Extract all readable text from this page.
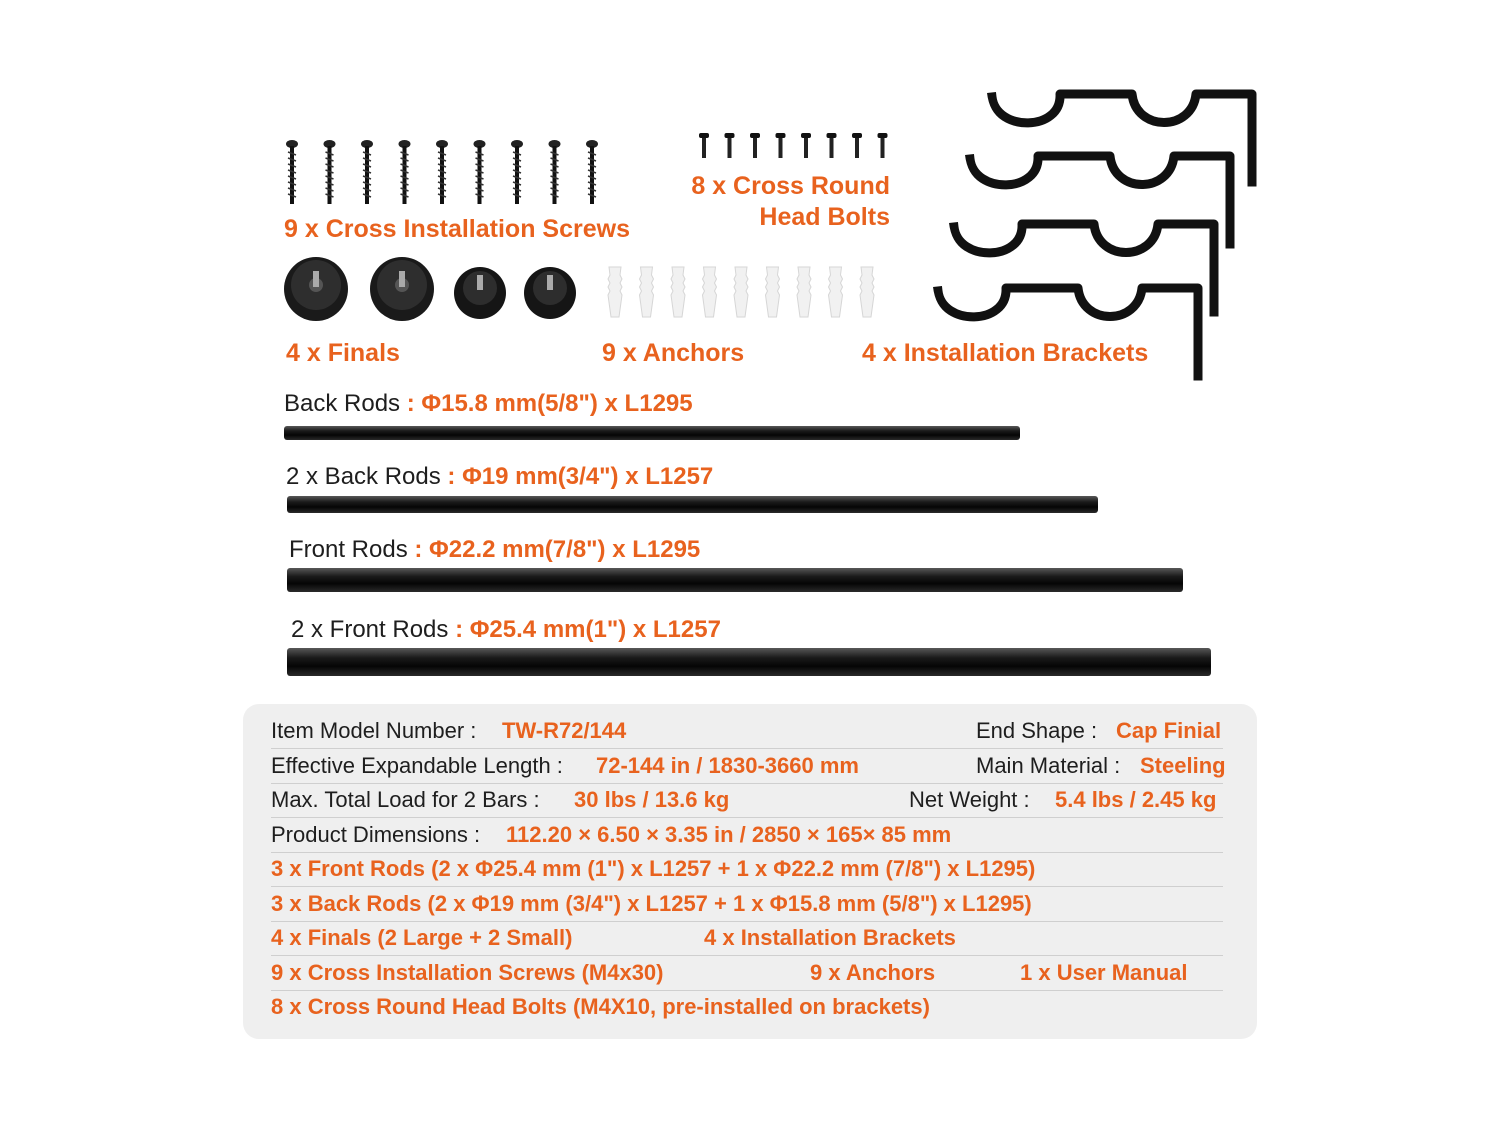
9 x Cross Installation Screws
8 x Cross Round
Head Bolts
4 x Finals	9 x Anchors	4 x Installation Brackets
Back Rods : Φ15.8 mm(5/8") x L1295
2 x Back Rods : Φ19 mm(3/4") x L1257
Front Rods : Φ22.2 mm(7/8") x L1295
2 x Front Rods : Φ25.4 mm(1") x L1257
Item Model Number : TW-R72/144	End Shape : Cap Finial
Effective Expandable Length : 72-144 in / 1830-3660 mm	Main Material : Steeling
Max. Total Load for 2 Bars : 30 lbs / 13.6 kg	Net Weight : 5.4 lbs / 2.45 kg
Product Dimensions : 112.20 × 6.50 × 3.35 in / 2850 × 165× 85 mm
3 x Front Rods (2 x Φ25.4 mm (1") x L1257 + 1 x Φ22.2 mm (7/8") x L1295)
3 x Back Rods (2 x Φ19 mm (3/4") x L1257 + 1 x Φ15.8 mm (5/8") x L1295)
4 x Finals (2 Large + 2 Small)	4 x Installation Brackets
9 x Cross Installation Screws (M4x30)	9 x Anchors	1 x User Manual
8 x Cross Round Head Bolts (M4X10, pre-installed on brackets)
